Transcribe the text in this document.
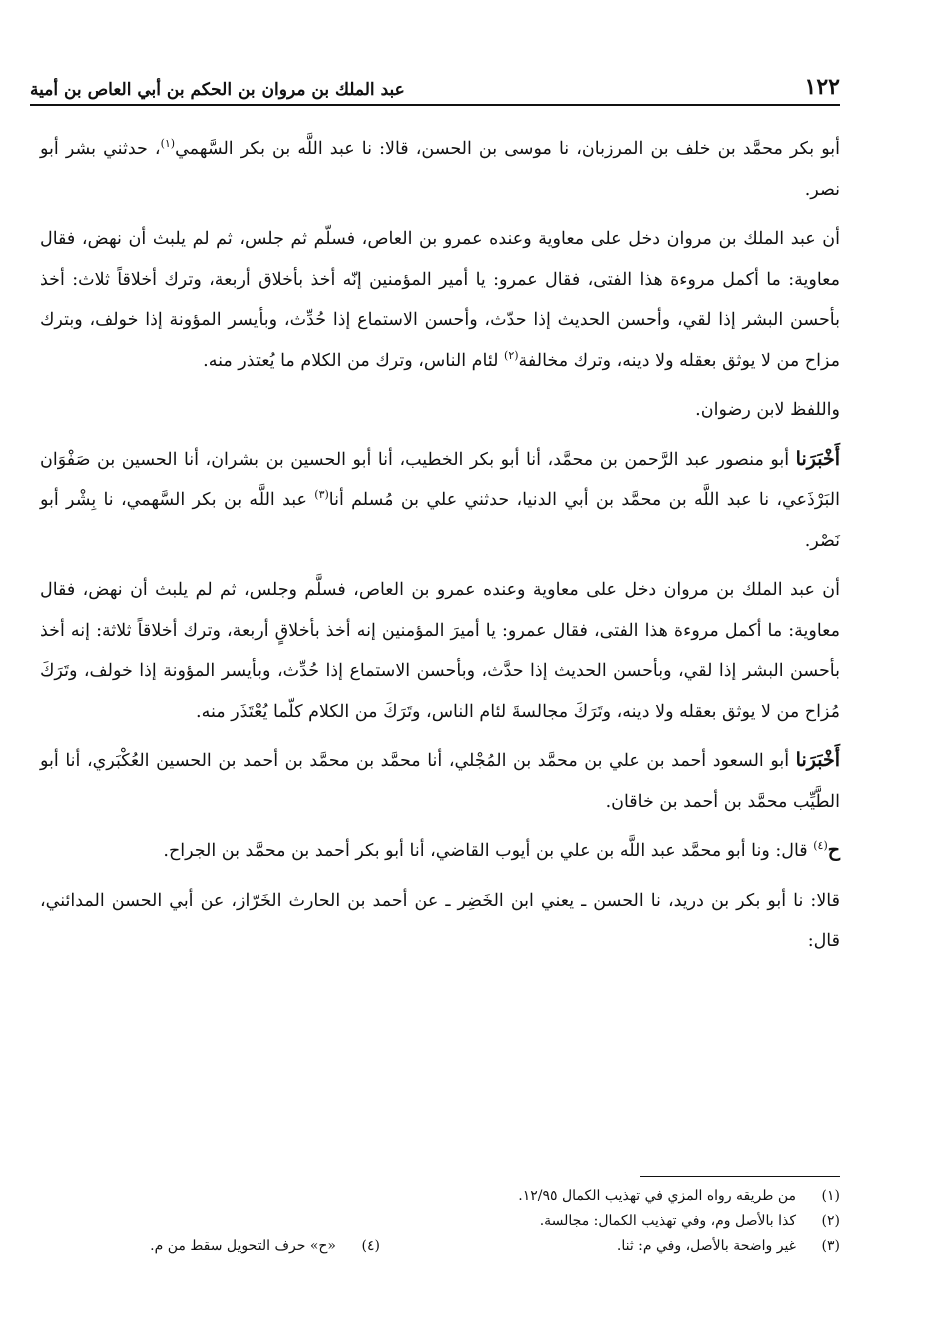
١٢٢
عبد الملك بن مروان بن الحكم بن أبي العاص بن أمية

أبو بكر محمَّد بن خلف بن المرزبان، نا موسى بن الحسن، قالا: نا عبد اللَّه بن بكر السَّهمي$^{(١)}$، حدثني بشر أبو نصر.

أن عبد الملك بن مروان دخل على معاوية وعنده عمرو بن العاص، فسلّم ثم جلس، ثم لم يلبث أن نهض، فقال معاوية: ما أكمل مروءة هذا الفتى، فقال عمرو: يا أمير المؤمنين إنّه أخذ بأخلاق أربعة، وترك أخلاقاً ثلاث: أخذ بأحسن البشر إذا لقي، وأحسن الحديث إذا حدّث، وأحسن الاستماع إذا حُدِّث، وبأيسر المؤونة إذا خولف، وبترك مزاح من لا يوثق بعقله ولا دينه، وترك مخالفة$^{(٢)}$ لئام الناس، وترك من الكلام ما يُعتذر منه.

واللفظ لابن رضوان.

أَخْبَرَنا أبو منصور عبد الرَّحمن بن محمَّد، أنا أبو بكر الخطيب، أنا أبو الحسين بن بشران، أنا الحسين بن صَفْوَان البَرْذَعي، نا عبد اللَّه بن محمَّد بن أبي الدنيا، حدثني علي بن مُسلم أنا$^{(٣)}$ عبد اللَّه بن بكر السَّهمي، نا بِشْر أبو نَصْر.

أن عبد الملك بن مروان دخل على معاوية وعنده عمرو بن العاص، فسلَّم وجلس، ثم لم يلبث أن نهض، فقال معاوية: ما أكمل مروءة هذا الفتى، فقال عمرو: يا أميرَ المؤمنين إنه أخذ بأخلاقٍ أربعة، وترك أخلاقاً ثلاثة: إنه أخذ بأحسن البشر إذا لقي، وبأحسن الحديث إذا حدَّث، وبأحسن الاستماع إذا حُدِّث، وبأيسر المؤونة إذا خولف، وتَرَكَ مُزاح من لا يوثق بعقله ولا دينه، وتَرَكَ مجالسةَ لئام الناس، وتَرَكَ من الكلام كلّما يُعْتَذَر منه.

أَخْبَرَنا أبو السعود أحمد بن علي بن محمَّد بن المُجْلي، أنا محمَّد بن محمَّد بن أحمد بن الحسين العُكْبَري، أنا أبو الطَّيِّب محمَّد بن أحمد بن خاقان.

ح$^{(٤)}$ قال: ونا أبو محمَّد عبد اللَّه بن علي بن أيوب القاضي، أنا أبو بكر أحمد بن محمَّد بن الجراح.

قالا: نا أبو بكر بن دريد، نا الحسن ـ يعني ابن الخَضِر ـ عن أحمد بن الحارث الخَرّاز، عن أبي الحسن المدائني، قال:

(١)
من طريقه رواه المزي في تهذيب الكمال ١٢/٩٥.
(٢)
كذا بالأصل وم، وفي تهذيب الكمال: مجالسة.
(٣)
غير واضحة بالأصل، وفي م: ثنا.
(٤)
«ح» حرف التحويل سقط من م.
